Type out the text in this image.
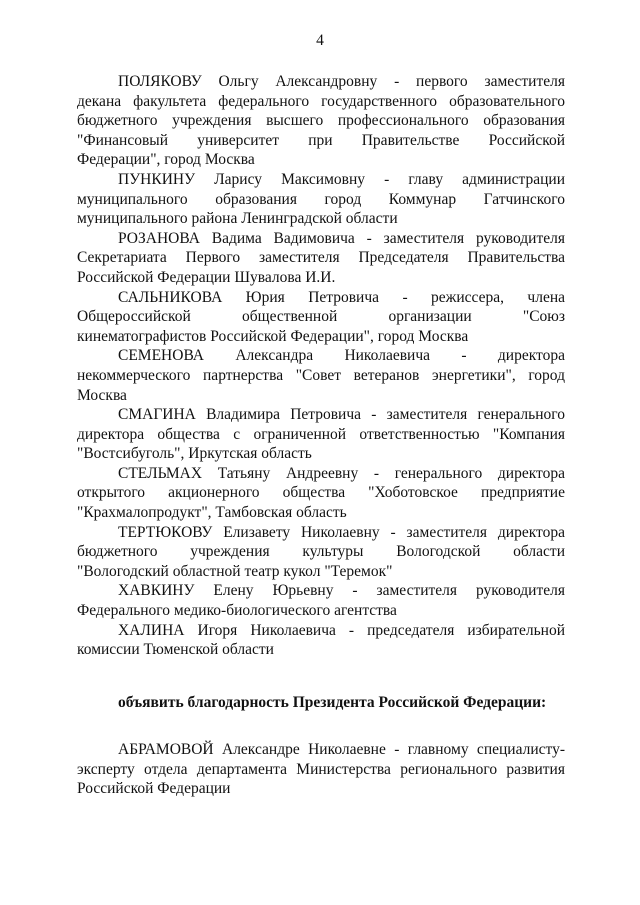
4
ПОЛЯКОВУ Ольгу Александровну - первого заместителя
декана факультета федерального государственного образовательного
бюджетного учреждения высшего профессионального образования
"Финансовый университет при Правительстве Российской
Федерации", город Москва
ПУНКИНУ Ларису Максимовну - главу администрации
муниципального образования город Коммунар Гатчинского
муниципального района Ленинградской области
РОЗАНОВА Вадима Вадимовича - заместителя руководителя
Секретариата Первого заместителя Председателя Правительства
Российской Федерации Шувалова И.И.
САЛЬНИКОВА Юрия Петровича - режиссера, члена
Общероссийской общественной организации "Союз
кинематографистов Российской Федерации", город Москва
СЕМЕНОВА Александра Николаевича - директора
некоммерческого партнерства "Совет ветеранов энергетики", город
Москва
СМАГИНА Владимира Петровича - заместителя генерального
директора общества с ограниченной ответственностью "Компания
"Востсибуголь", Иркутская область
СТЕЛЬМАХ Татьяну Андреевну - генерального директора
открытого акционерного общества "Хоботовское предприятие
"Крахмалопродукт", Тамбовская область
ТЕРТЮКОВУ Елизавету Николаевну - заместителя директора
бюджетного учреждения культуры Вологодской области
"Вологодский областной театр кукол "Теремок"
ХАВКИНУ Елену Юрьевну - заместителя руководителя
Федерального медико-биологического агентства
ХАЛИНА Игоря Николаевича - председателя избирательной
комиссии Тюменской области
объявить благодарность Президента Российской Федерации:
АБРАМОВОЙ Александре Николаевне - главному специалисту-
эксперту отдела департамента Министерства регионального развития
Российской Федерации
